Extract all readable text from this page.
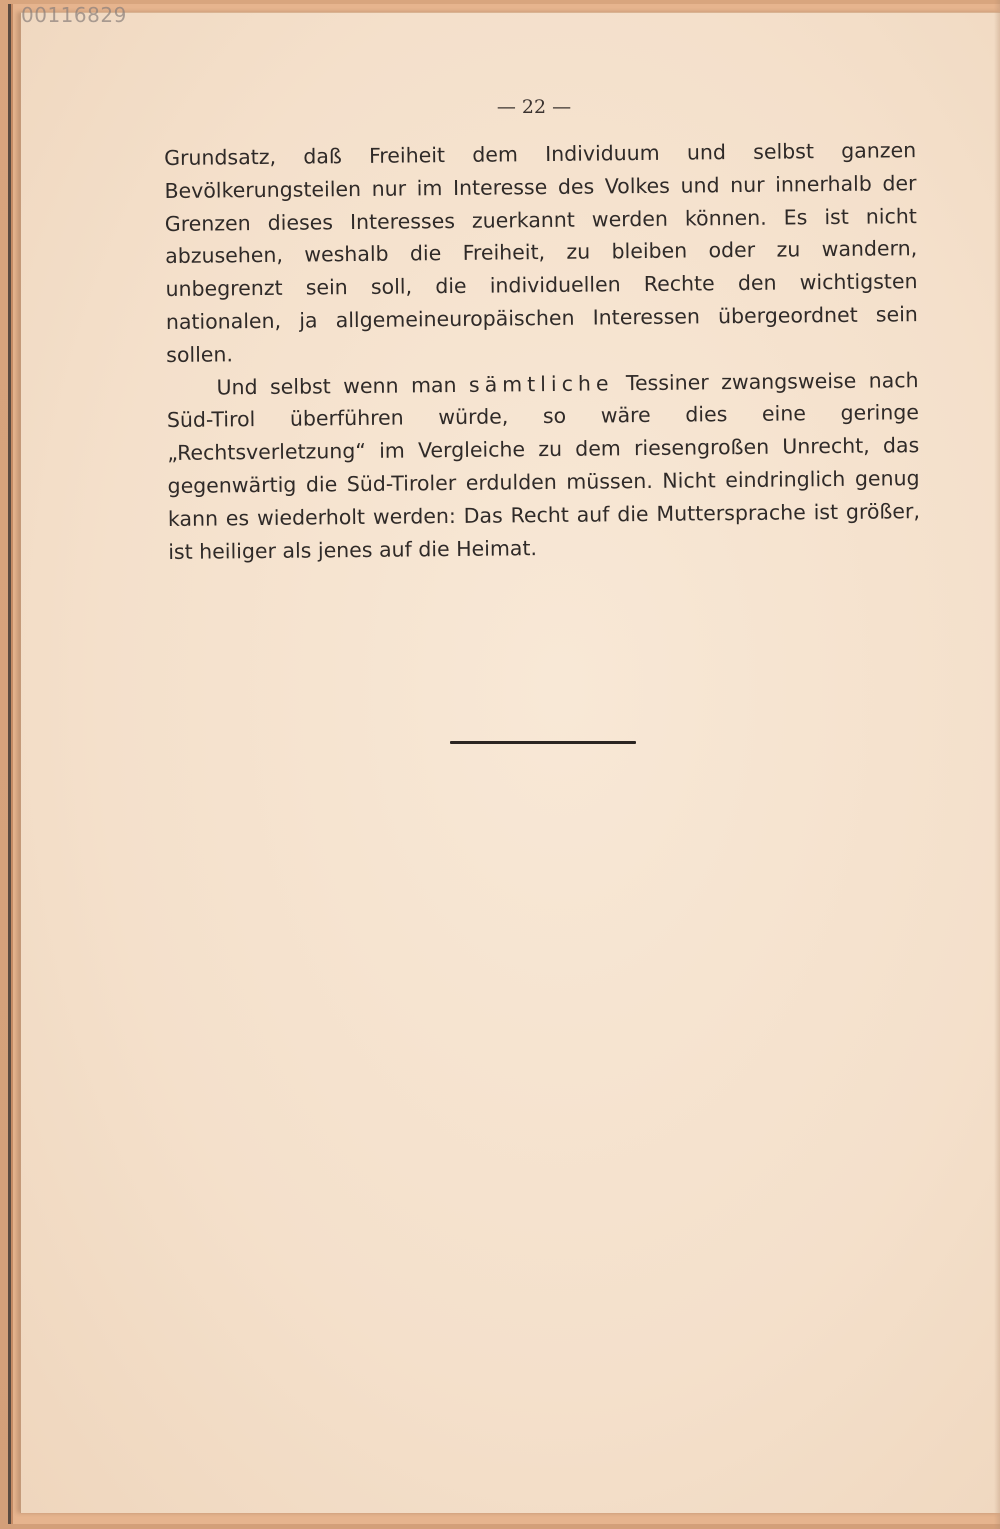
00116829
— 22 —

Grundsatz, daß Freiheit dem Individuum und selbst ganzen Bevölkerungsteilen nur im Interesse des Volkes und nur innerhalb der Grenzen dieses Interesses zuerkannt werden können. Es ist nicht abzusehen, weshalb die Freiheit, zu bleiben oder zu wandern, unbegrenzt sein soll, die individuellen Rechte den wichtigsten nationalen, ja allgemeineuropäischen Interessen übergeordnet sein sollen.

Und selbst wenn man sämtliche Tessiner zwangsweise nach Süd-Tirol überführen würde, so wäre dies eine geringe „Rechtsverletzung“ im Vergleiche zu dem riesengroßen Unrecht, das gegenwärtig die Süd-Tiroler erdulden müssen. Nicht eindringlich genug kann es wiederholt werden: Das Recht auf die Muttersprache ist größer, ist heiliger als jenes auf die Heimat.
